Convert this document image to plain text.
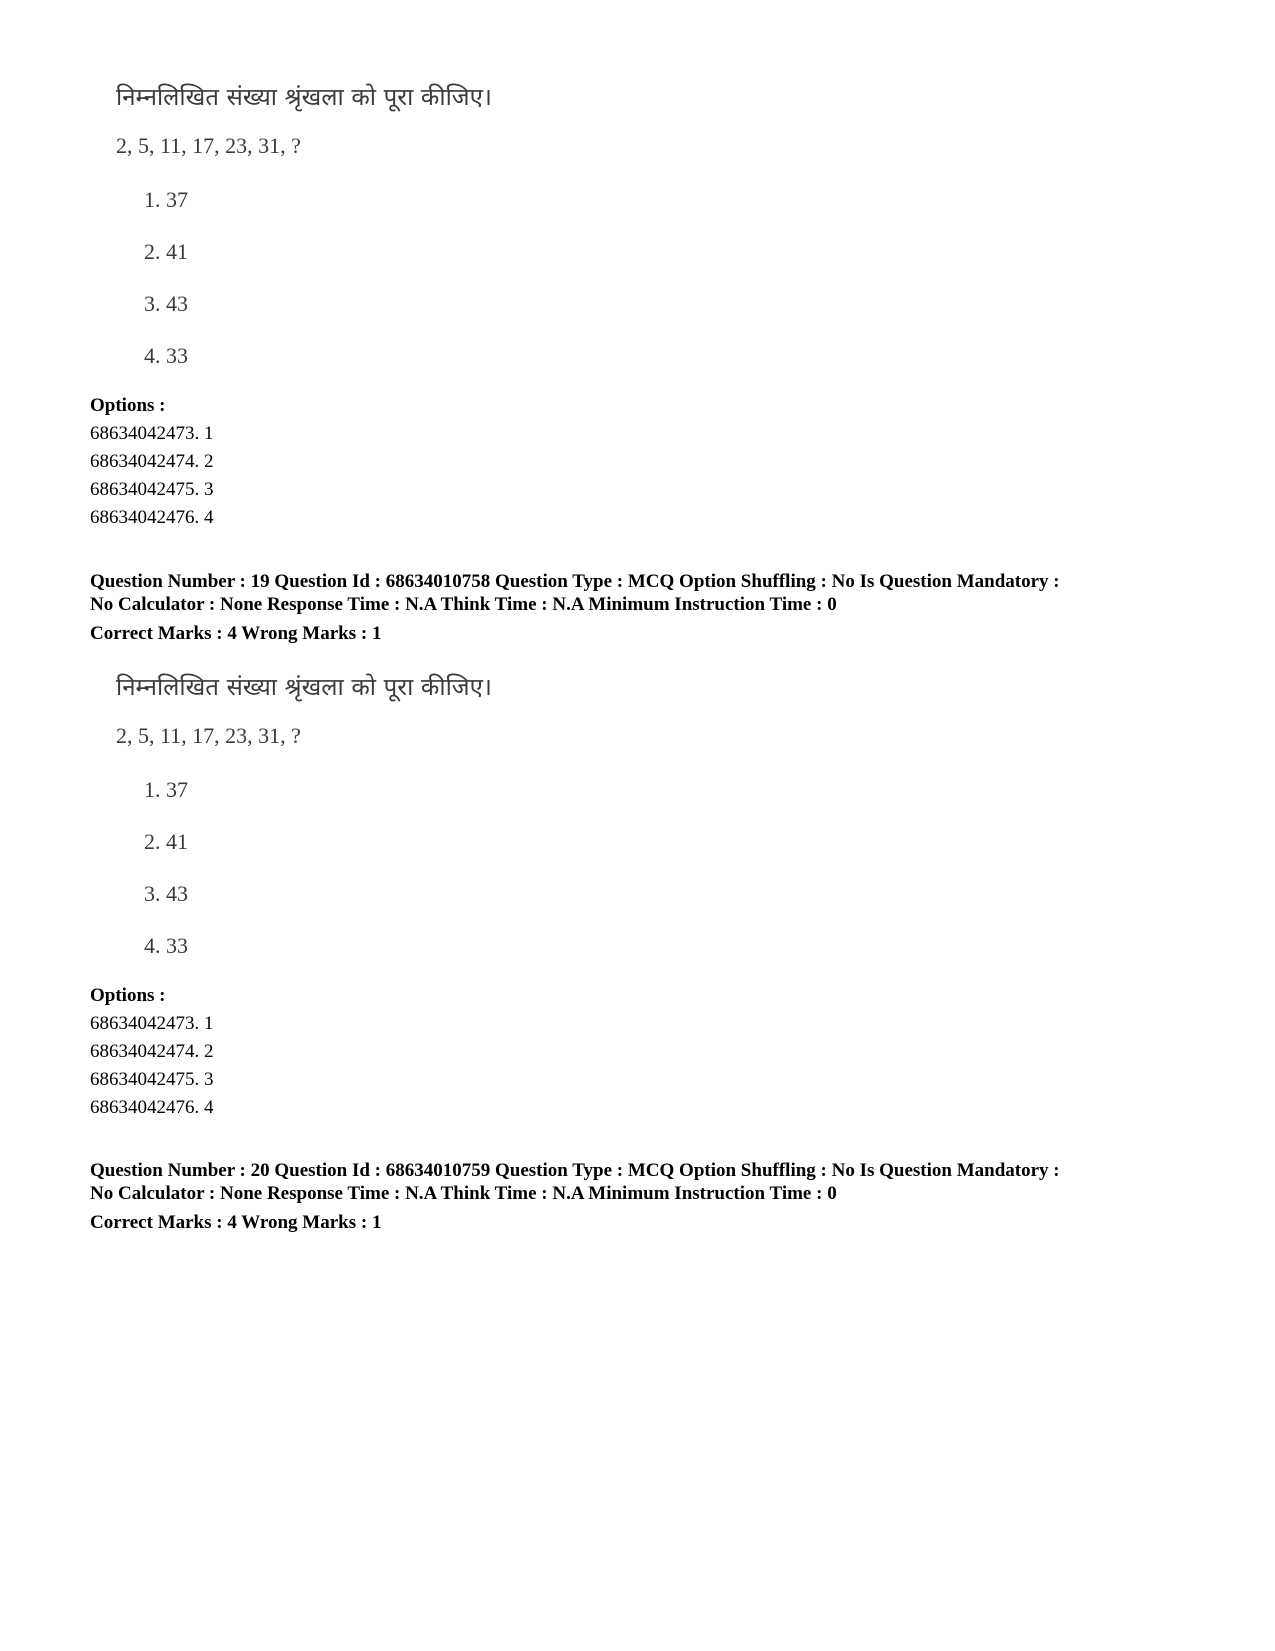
निम्नलिखित संख्या श्रृंखला को पूरा कीजिए।
2, 5, 11, 17, 23, 31, ?
1. 37
2. 41
3. 43
4. 33
Options :
68634042473. 1
68634042474. 2
68634042475. 3
68634042476. 4
Question Number : 19 Question Id : 68634010758 Question Type : MCQ Option Shuffling : No Is Question Mandatory :
No Calculator : None Response Time : N.A Think Time : N.A Minimum Instruction Time : 0
Correct Marks : 4 Wrong Marks : 1
निम्नलिखित संख्या श्रृंखला को पूरा कीजिए।
2, 5, 11, 17, 23, 31, ?
1. 37
2. 41
3. 43
4. 33
Options :
68634042473. 1
68634042474. 2
68634042475. 3
68634042476. 4
Question Number : 20 Question Id : 68634010759 Question Type : MCQ Option Shuffling : No Is Question Mandatory :
No Calculator : None Response Time : N.A Think Time : N.A Minimum Instruction Time : 0
Correct Marks : 4 Wrong Marks : 1
